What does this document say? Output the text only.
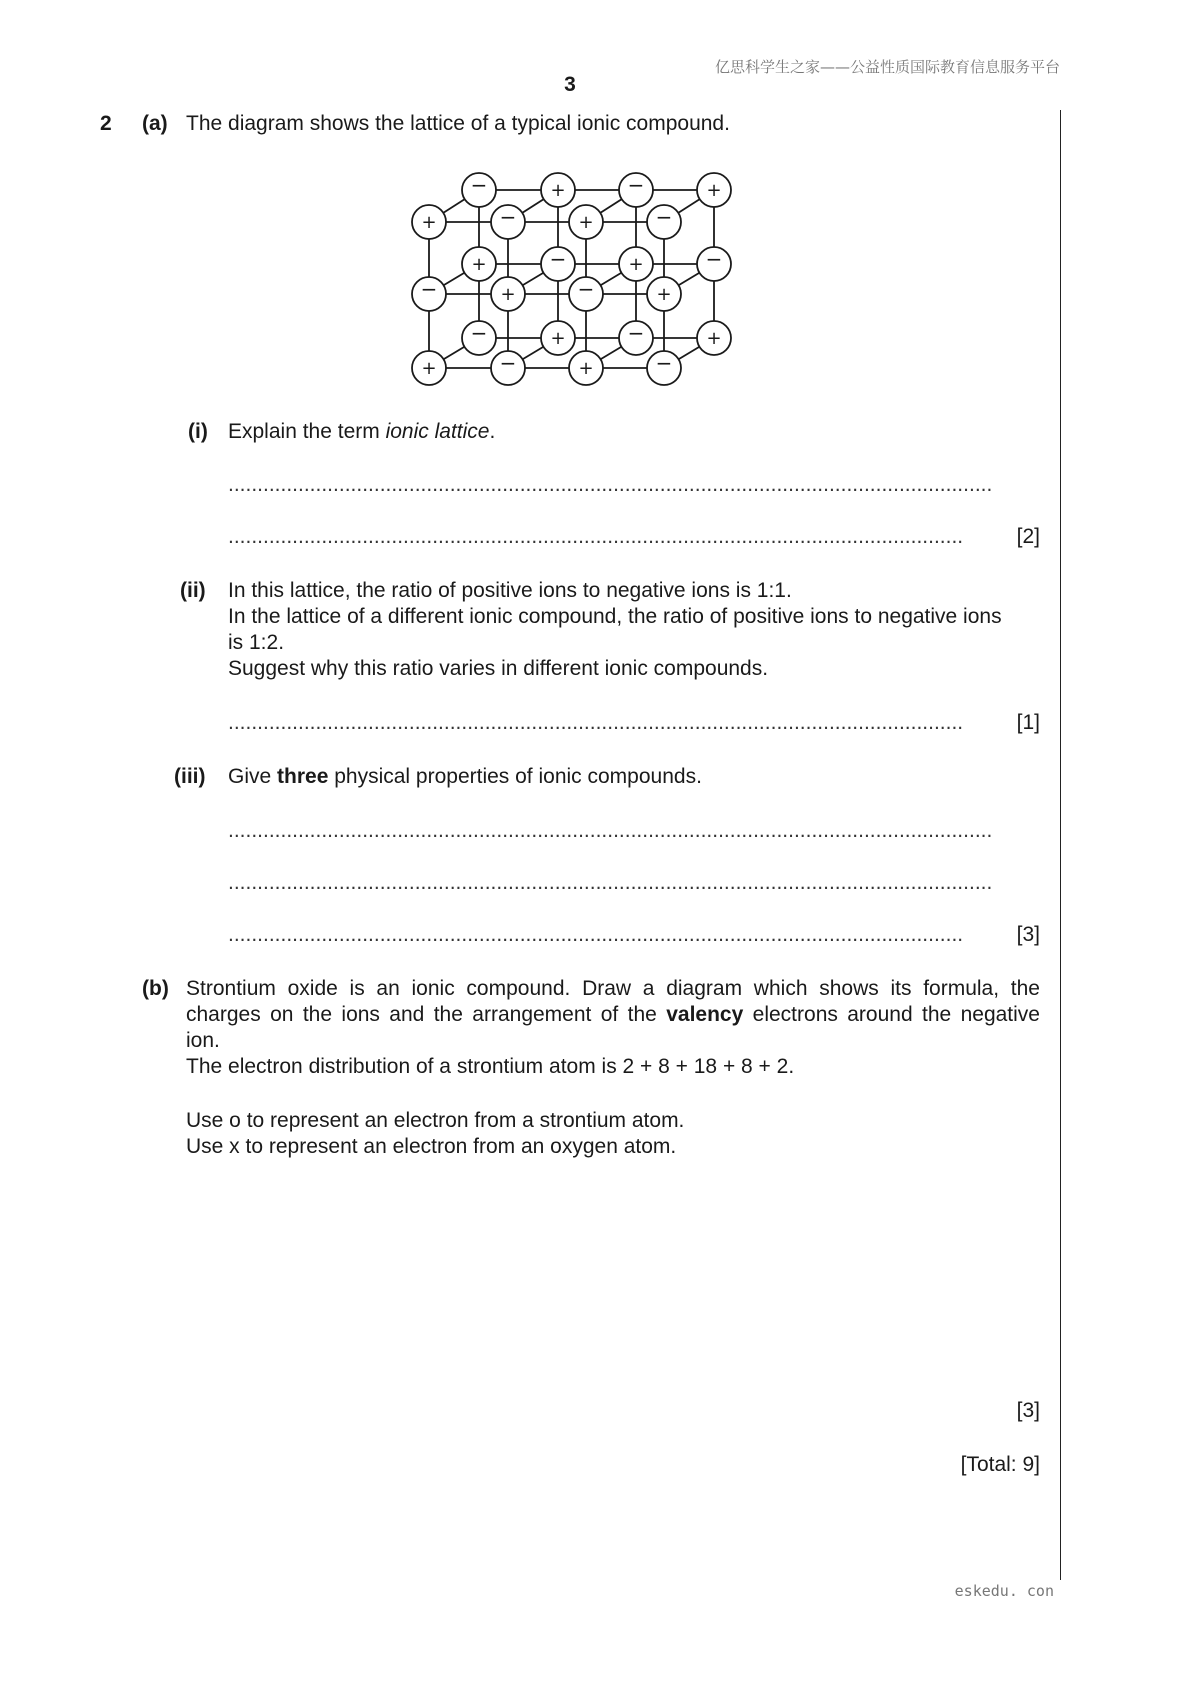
亿思科学生之家——公益性质国际教育信息服务平台
3
2 (a) The diagram shows the lattice of a typical ionic compound.
−	+	−	+
+	−	+	−
−	+	−	+
+	−	+	−
−	+	−	+
+	−	+	−
(i) Explain the term ionic lattice.
...................................................................................................................................
..............................................................................................................................	[2]
(ii) In this lattice, the ratio of positive ions to negative ions is 1:1.
In the lattice of a different ionic compound, the ratio of positive ions to negative ions
is 1:2.
Suggest why this ratio varies in different ionic compounds.
..............................................................................................................................	[1]
(iii) Give three physical properties of ionic compounds.
...................................................................................................................................
...................................................................................................................................
..............................................................................................................................	[3]
(b) Strontium oxide is an ionic compound. Draw a diagram which shows its formula, the
charges on the ions and the arrangement of the valency electrons around the negative
ion.
The electron distribution of a strontium atom is 2 + 8 + 18 + 8 + 2.
Use o to represent an electron from a strontium atom.
Use x to represent an electron from an oxygen atom.
[3]
[Total: 9]
eskedu. con
